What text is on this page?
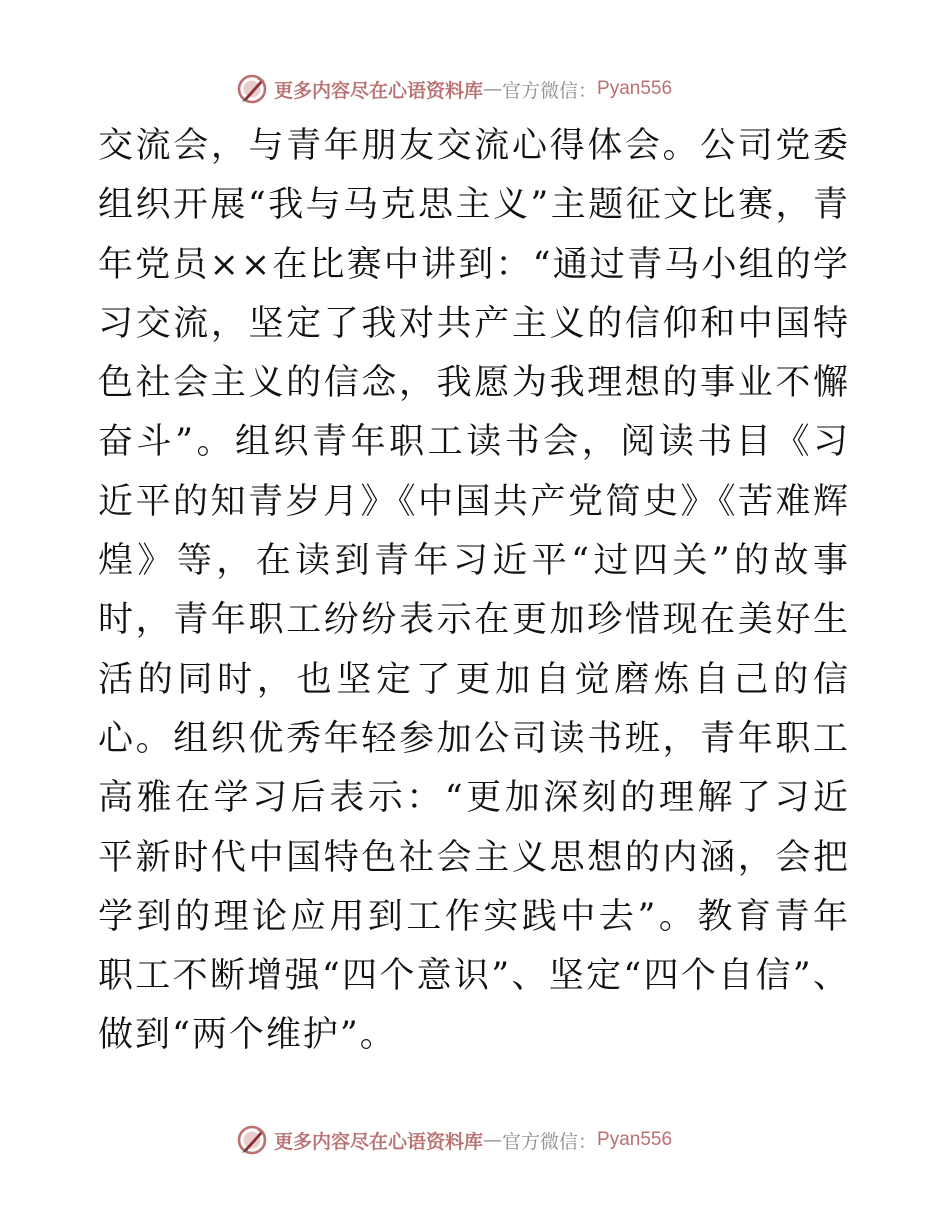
更多内容尽在心语资料库 — 官方微信： Pyan556

交流会，与青年朋友交流心得体会。公司党委组织开展“我与马克思主义”主题征文比赛，青年党员××在比赛中讲到：“通过青马小组的学习交流，坚定了我对共产主义的信仰和中国特色社会主义的信念，我愿为我理想的事业不懈奋斗”。组织青年职工读书会，阅读书目《习近平的知青岁月》《中国共产党简史》《苦难辉煌》等，在读到青年习近平“过四关”的故事时，青年职工纷纷表示在更加珍惜现在美好生活的同时，也坚定了更加自觉磨炼自己的信心。组织优秀年轻参加公司读书班，青年职工高雅在学习后表示：“更加深刻的理解了习近平新时代中国特色社会主义思想的内涵，会把学到的理论应用到工作实践中去”。教育青年职工不断增强“四个意识”、坚定“四个自信”、做到“两个维护”。

更多内容尽在心语资料库 — 官方微信： Pyan556
